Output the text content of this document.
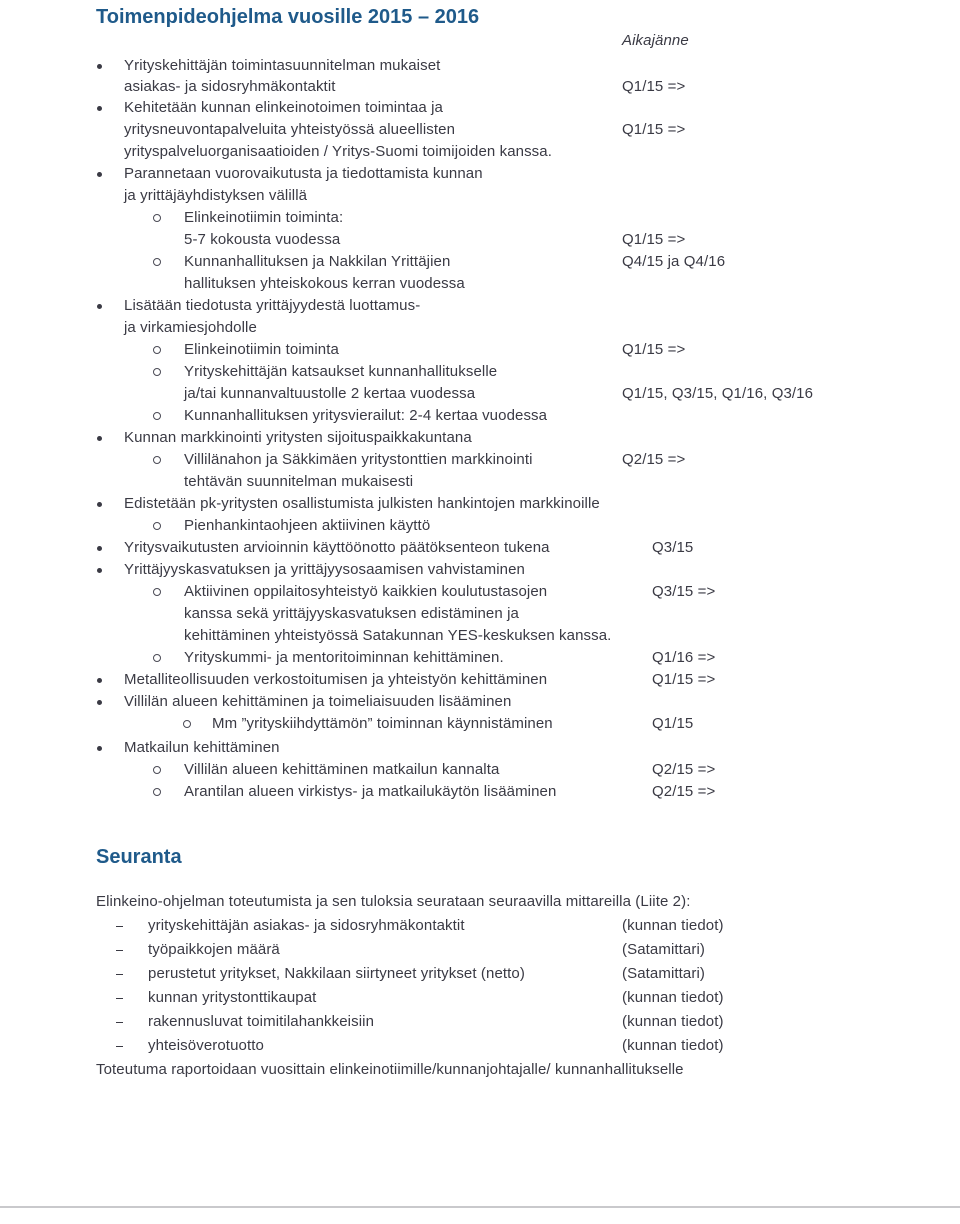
Toimenpideohjelma vuosille 2015 – 2016
Aikajänne
Yrityskehittäjän toimintasuunnitelman mukaiset
asiakas- ja sidosryhmäkontaktit	Q1/15 =>
Kehitetään kunnan elinkeinotoimen toimintaa ja
yritysneuvontapalveluita yhteistyössä alueellisten	Q1/15 =>
yrityspalveluorganisaatioiden / Yritys-Suomi toimijoiden kanssa.
Parannetaan vuorovaikutusta ja tiedottamista kunnan
ja yrittäjäyhdistyksen välillä
Elinkeinotiimin toiminta:
5-7 kokousta vuodessa	Q1/15 =>
Kunnanhallituksen ja Nakkilan Yrittäjien	Q4/15 ja Q4/16
hallituksen yhteiskokous kerran vuodessa
Lisätään tiedotusta yrittäjyydestä luottamus-
ja virkamiesjohdolle
Elinkeinotiimin toiminta	Q1/15 =>
Yrityskehittäjän katsaukset kunnanhallitukselle
ja/tai kunnanvaltuustolle 2 kertaa vuodessa	Q1/15, Q3/15, Q1/16, Q3/16
Kunnanhallituksen yritysvierailut: 2-4 kertaa vuodessa
Kunnan markkinointi yritysten sijoituspaikkakuntana
Villilänahon ja Säkkimäen yritystonttien markkinointi	Q2/15 =>
tehtävän suunnitelman mukaisesti
Edistetään pk-yritysten osallistumista julkisten hankintojen markkinoille
Pienhankintaohjeen aktiivinen käyttö
Yritysvaikutusten arvioinnin käyttöönotto päätöksenteon tukena	Q3/15
Yrittäjyyskasvatuksen ja yrittäjyysosaamisen vahvistaminen
Aktiivinen oppilaitosyhteistyö kaikkien koulutustasojen	Q3/15 =>
kanssa sekä yrittäjyyskasvatuksen edistäminen ja
kehittäminen yhteistyössä Satakunnan YES-keskuksen kanssa.
Yrityskummi- ja mentoritoiminnan kehittäminen.	Q1/16 =>
Metalliteollisuuden verkostoitumisen ja yhteistyön kehittäminen	Q1/15 =>
Villilän alueen kehittäminen ja toimeliaisuuden lisääminen
Mm ”yrityskiihdyttämön” toiminnan käynnistäminen	Q1/15
Matkailun kehittäminen
Villilän alueen kehittäminen matkailun kannalta	Q2/15 =>
Arantilan alueen virkistys- ja matkailukäytön lisääminen	Q2/15 =>
Seuranta
Elinkeino-ohjelman toteutumista ja sen tuloksia seurataan seuraavilla mittareilla (Liite 2):
yrityskehittäjän asiakas- ja sidosryhmäkontaktit	(kunnan tiedot)
työpaikkojen määrä	(Satamittari)
perustetut yritykset, Nakkilaan siirtyneet yritykset (netto)	(Satamittari)
kunnan yritystonttikaupat	(kunnan tiedot)
rakennusluvat toimitilahankkeisiin	(kunnan tiedot)
yhteisöverotuotto	(kunnan tiedot)
Toteutuma raportoidaan vuosittain elinkeinotiimille/kunnanjohtajalle/ kunnanhallitukselle
